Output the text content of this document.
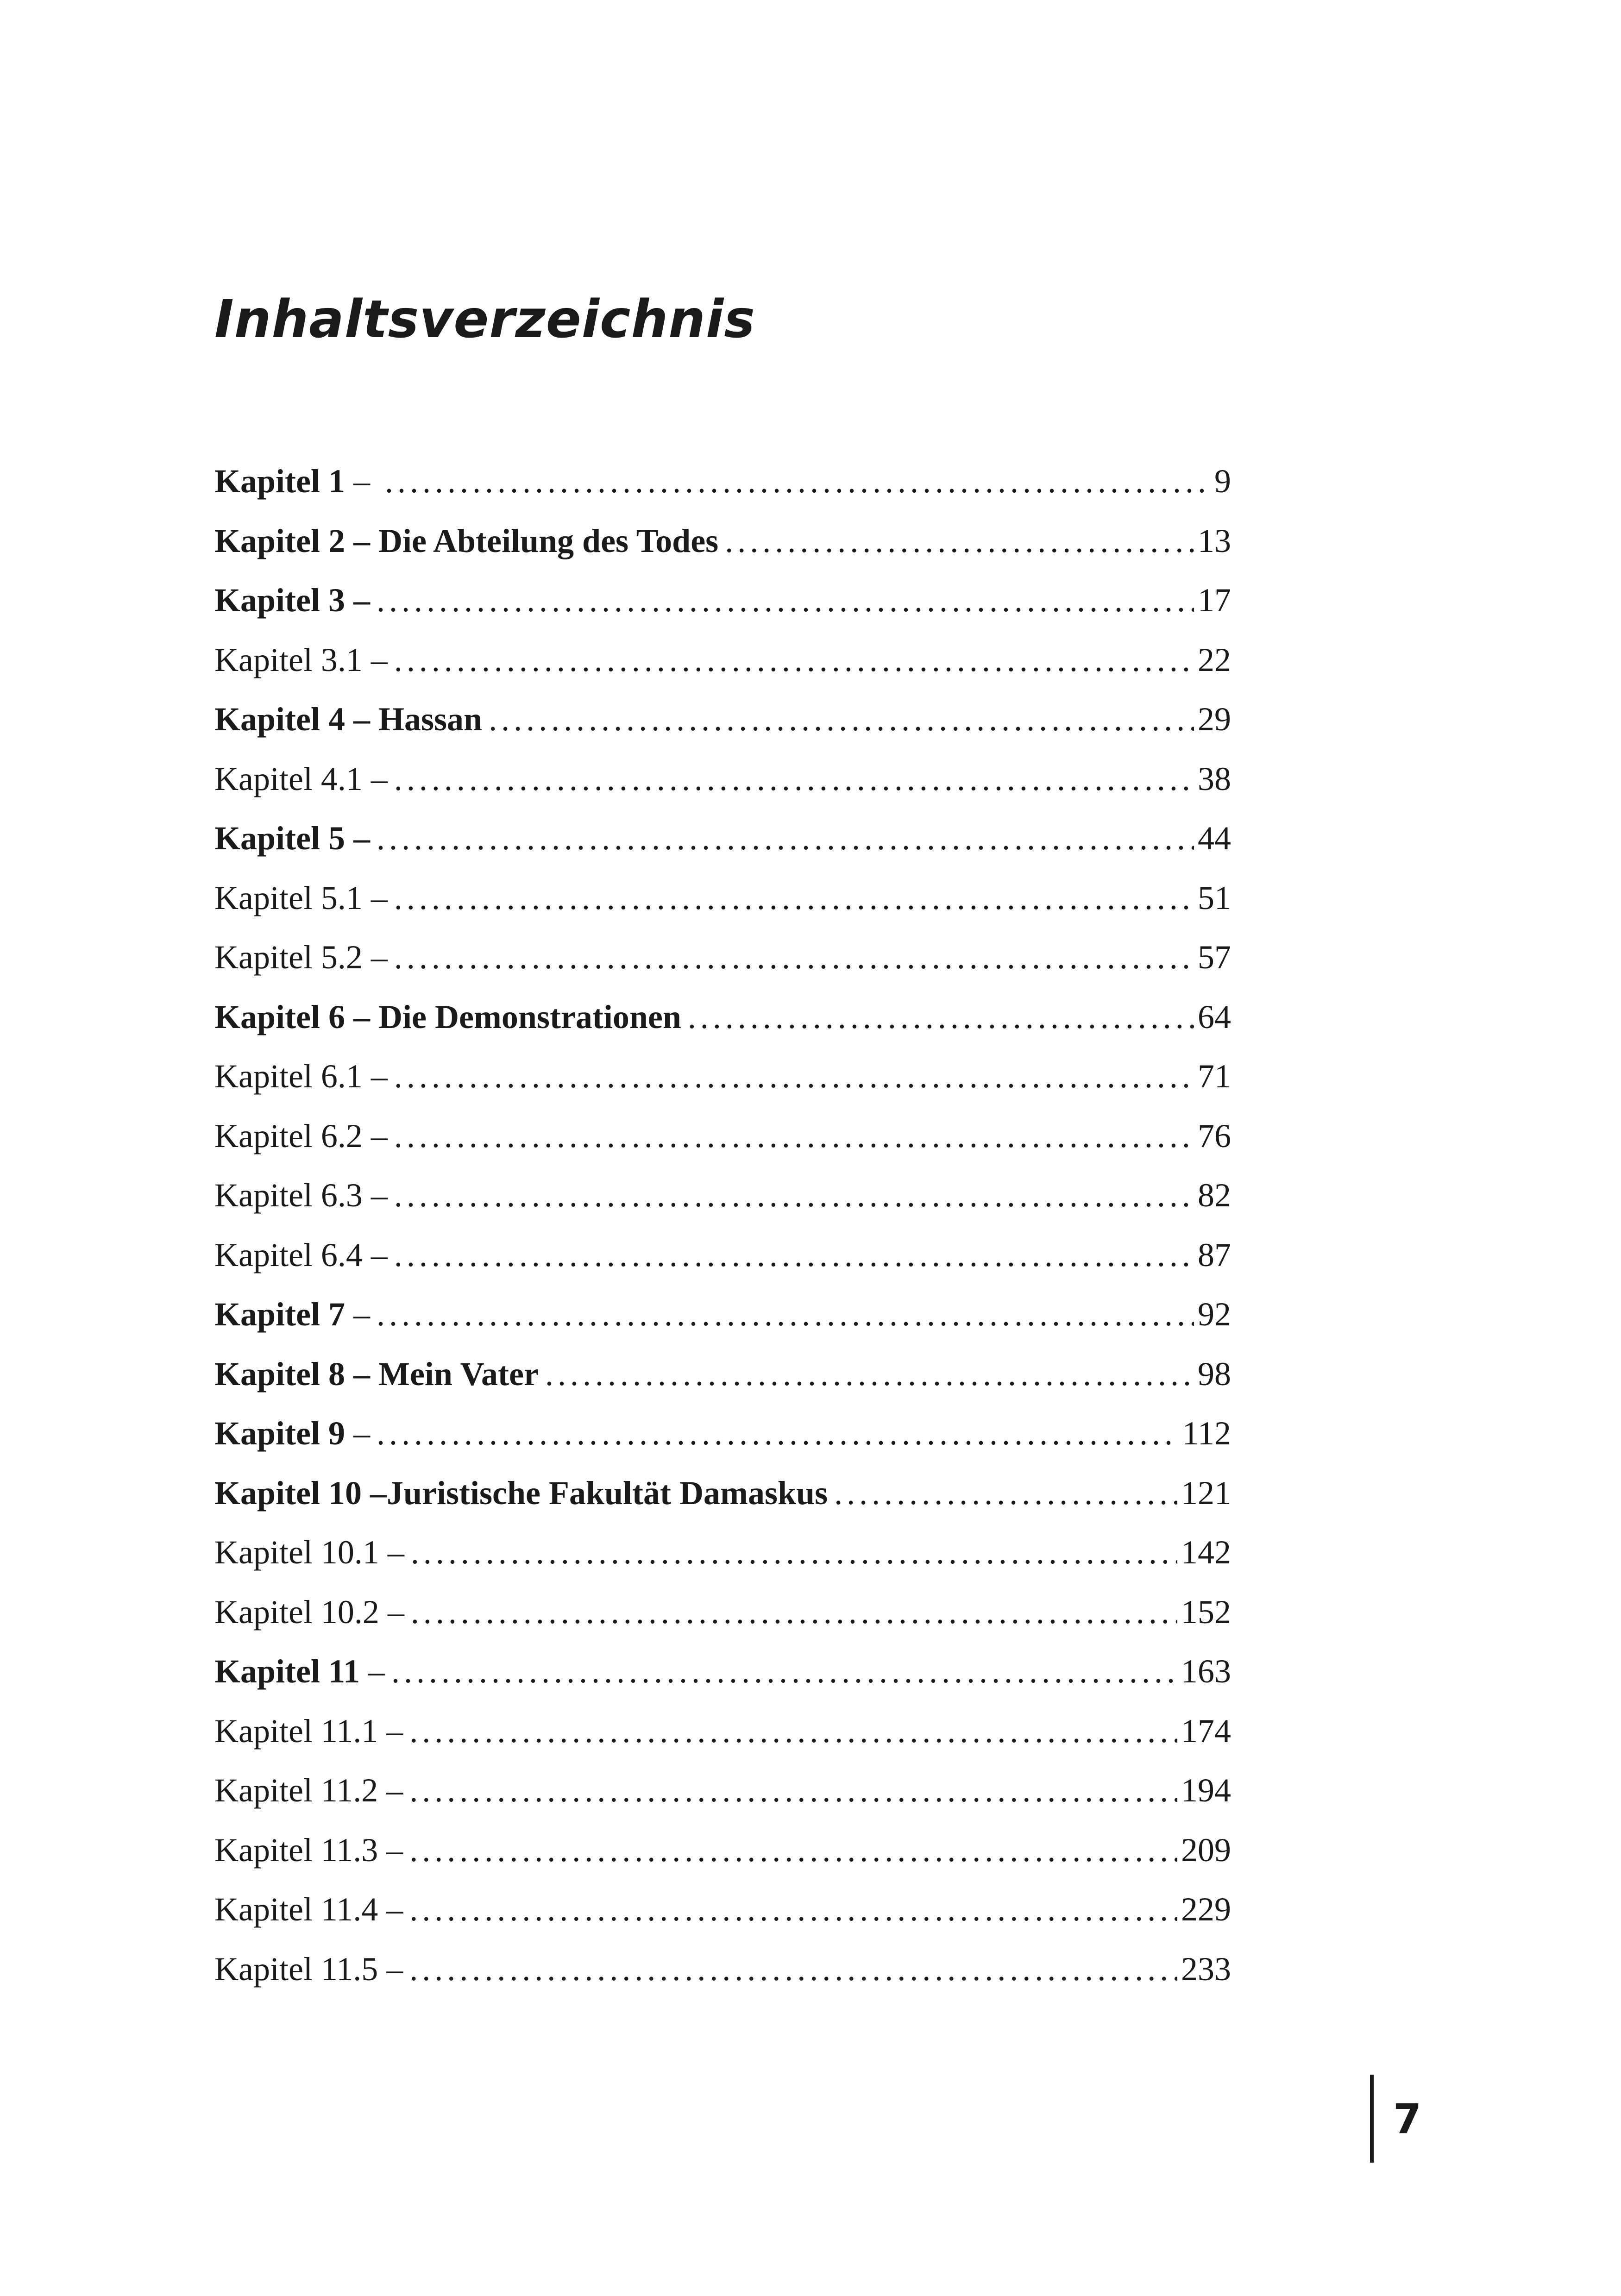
Inhaltsverzeichnis
Kapitel 1 – .....	9
Kapitel 2 – Die Abteilung des Todes .....	13
Kapitel 3 – .....	17
Kapitel 3.1 – .....	22
Kapitel 4 – Hassan .....	29
Kapitel 4.1 – .....	38
Kapitel 5 – .....	44
Kapitel 5.1 – .....	51
Kapitel 5.2 – .....	57
Kapitel 6 – Die Demonstrationen .....	64
Kapitel 6.1 – .....	71
Kapitel 6.2 – .....	76
Kapitel 6.3 – .....	82
Kapitel 6.4 – .....	87
Kapitel 7 – .....	92
Kapitel 8 – Mein Vater .....	98
Kapitel 9 – .....	112
Kapitel 10 –Juristische Fakultät Damaskus .....	121
Kapitel 10.1 – .....	142
Kapitel 10.2 – .....	152
Kapitel 11 – .....	163
Kapitel 11.1 – .....	174
Kapitel 11.2 – .....	194
Kapitel 11.3 – .....	209
Kapitel 11.4 – .....	229
Kapitel 11.5 – .....	233
7
